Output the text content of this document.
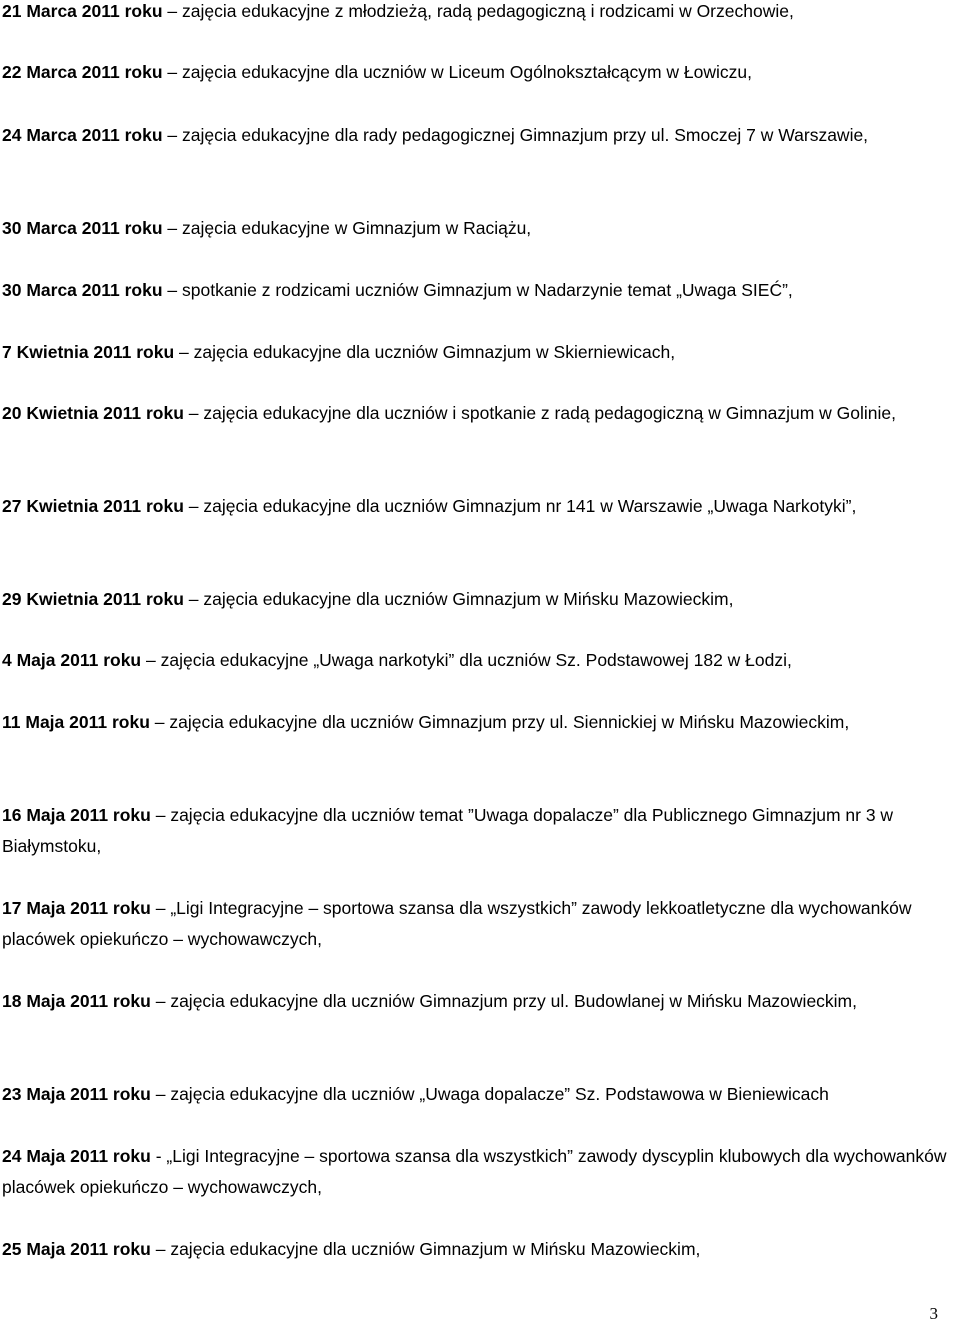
21 Marca 2011 roku – zajęcia edukacyjne z młodzieżą, radą pedagogiczną i rodzicami w Orzechowie,
22 Marca 2011 roku – zajęcia edukacyjne dla uczniów w Liceum Ogólnokształcącym w Łowiczu,
24 Marca 2011 roku – zajęcia edukacyjne dla rady pedagogicznej Gimnazjum przy ul. Smoczej 7 w Warszawie,
30 Marca 2011 roku – zajęcia edukacyjne w Gimnazjum w Raciążu,
30 Marca 2011 roku – spotkanie z rodzicami uczniów Gimnazjum w Nadarzynie temat „Uwaga SIEĆ”,
7 Kwietnia 2011 roku – zajęcia edukacyjne dla uczniów Gimnazjum w Skierniewicach,
20 Kwietnia 2011 roku – zajęcia edukacyjne dla uczniów i spotkanie z radą pedagogiczną w Gimnazjum w Golinie,
27 Kwietnia 2011 roku – zajęcia edukacyjne dla uczniów Gimnazjum nr 141 w Warszawie „Uwaga Narkotyki”,
29 Kwietnia 2011 roku – zajęcia edukacyjne dla uczniów Gimnazjum w Mińsku Mazowieckim,
4 Maja 2011 roku – zajęcia edukacyjne „Uwaga narkotyki” dla uczniów Sz. Podstawowej 182 w Łodzi,
11 Maja 2011 roku – zajęcia edukacyjne dla uczniów Gimnazjum przy ul. Siennickiej w Mińsku Mazowieckim,
16 Maja 2011 roku – zajęcia edukacyjne dla uczniów temat ”Uwaga dopalacze” dla Publicznego Gimnazjum nr 3 w Białymstoku,
17 Maja 2011 roku – „Ligi Integracyjne – sportowa szansa dla wszystkich” zawody lekkoatletyczne dla wychowanków placówek opiekuńczo – wychowawczych,
18 Maja 2011 roku – zajęcia edukacyjne dla uczniów Gimnazjum przy ul. Budowlanej w Mińsku Mazowieckim,
23 Maja 2011 roku – zajęcia edukacyjne dla uczniów „Uwaga dopalacze” Sz. Podstawowa w Bieniewicach
24 Maja 2011 roku - „Ligi Integracyjne – sportowa szansa dla wszystkich” zawody dyscyplin klubowych dla wychowanków placówek opiekuńczo – wychowawczych,
25 Maja 2011 roku – zajęcia edukacyjne dla uczniów Gimnazjum w Mińsku Mazowieckim,
3
